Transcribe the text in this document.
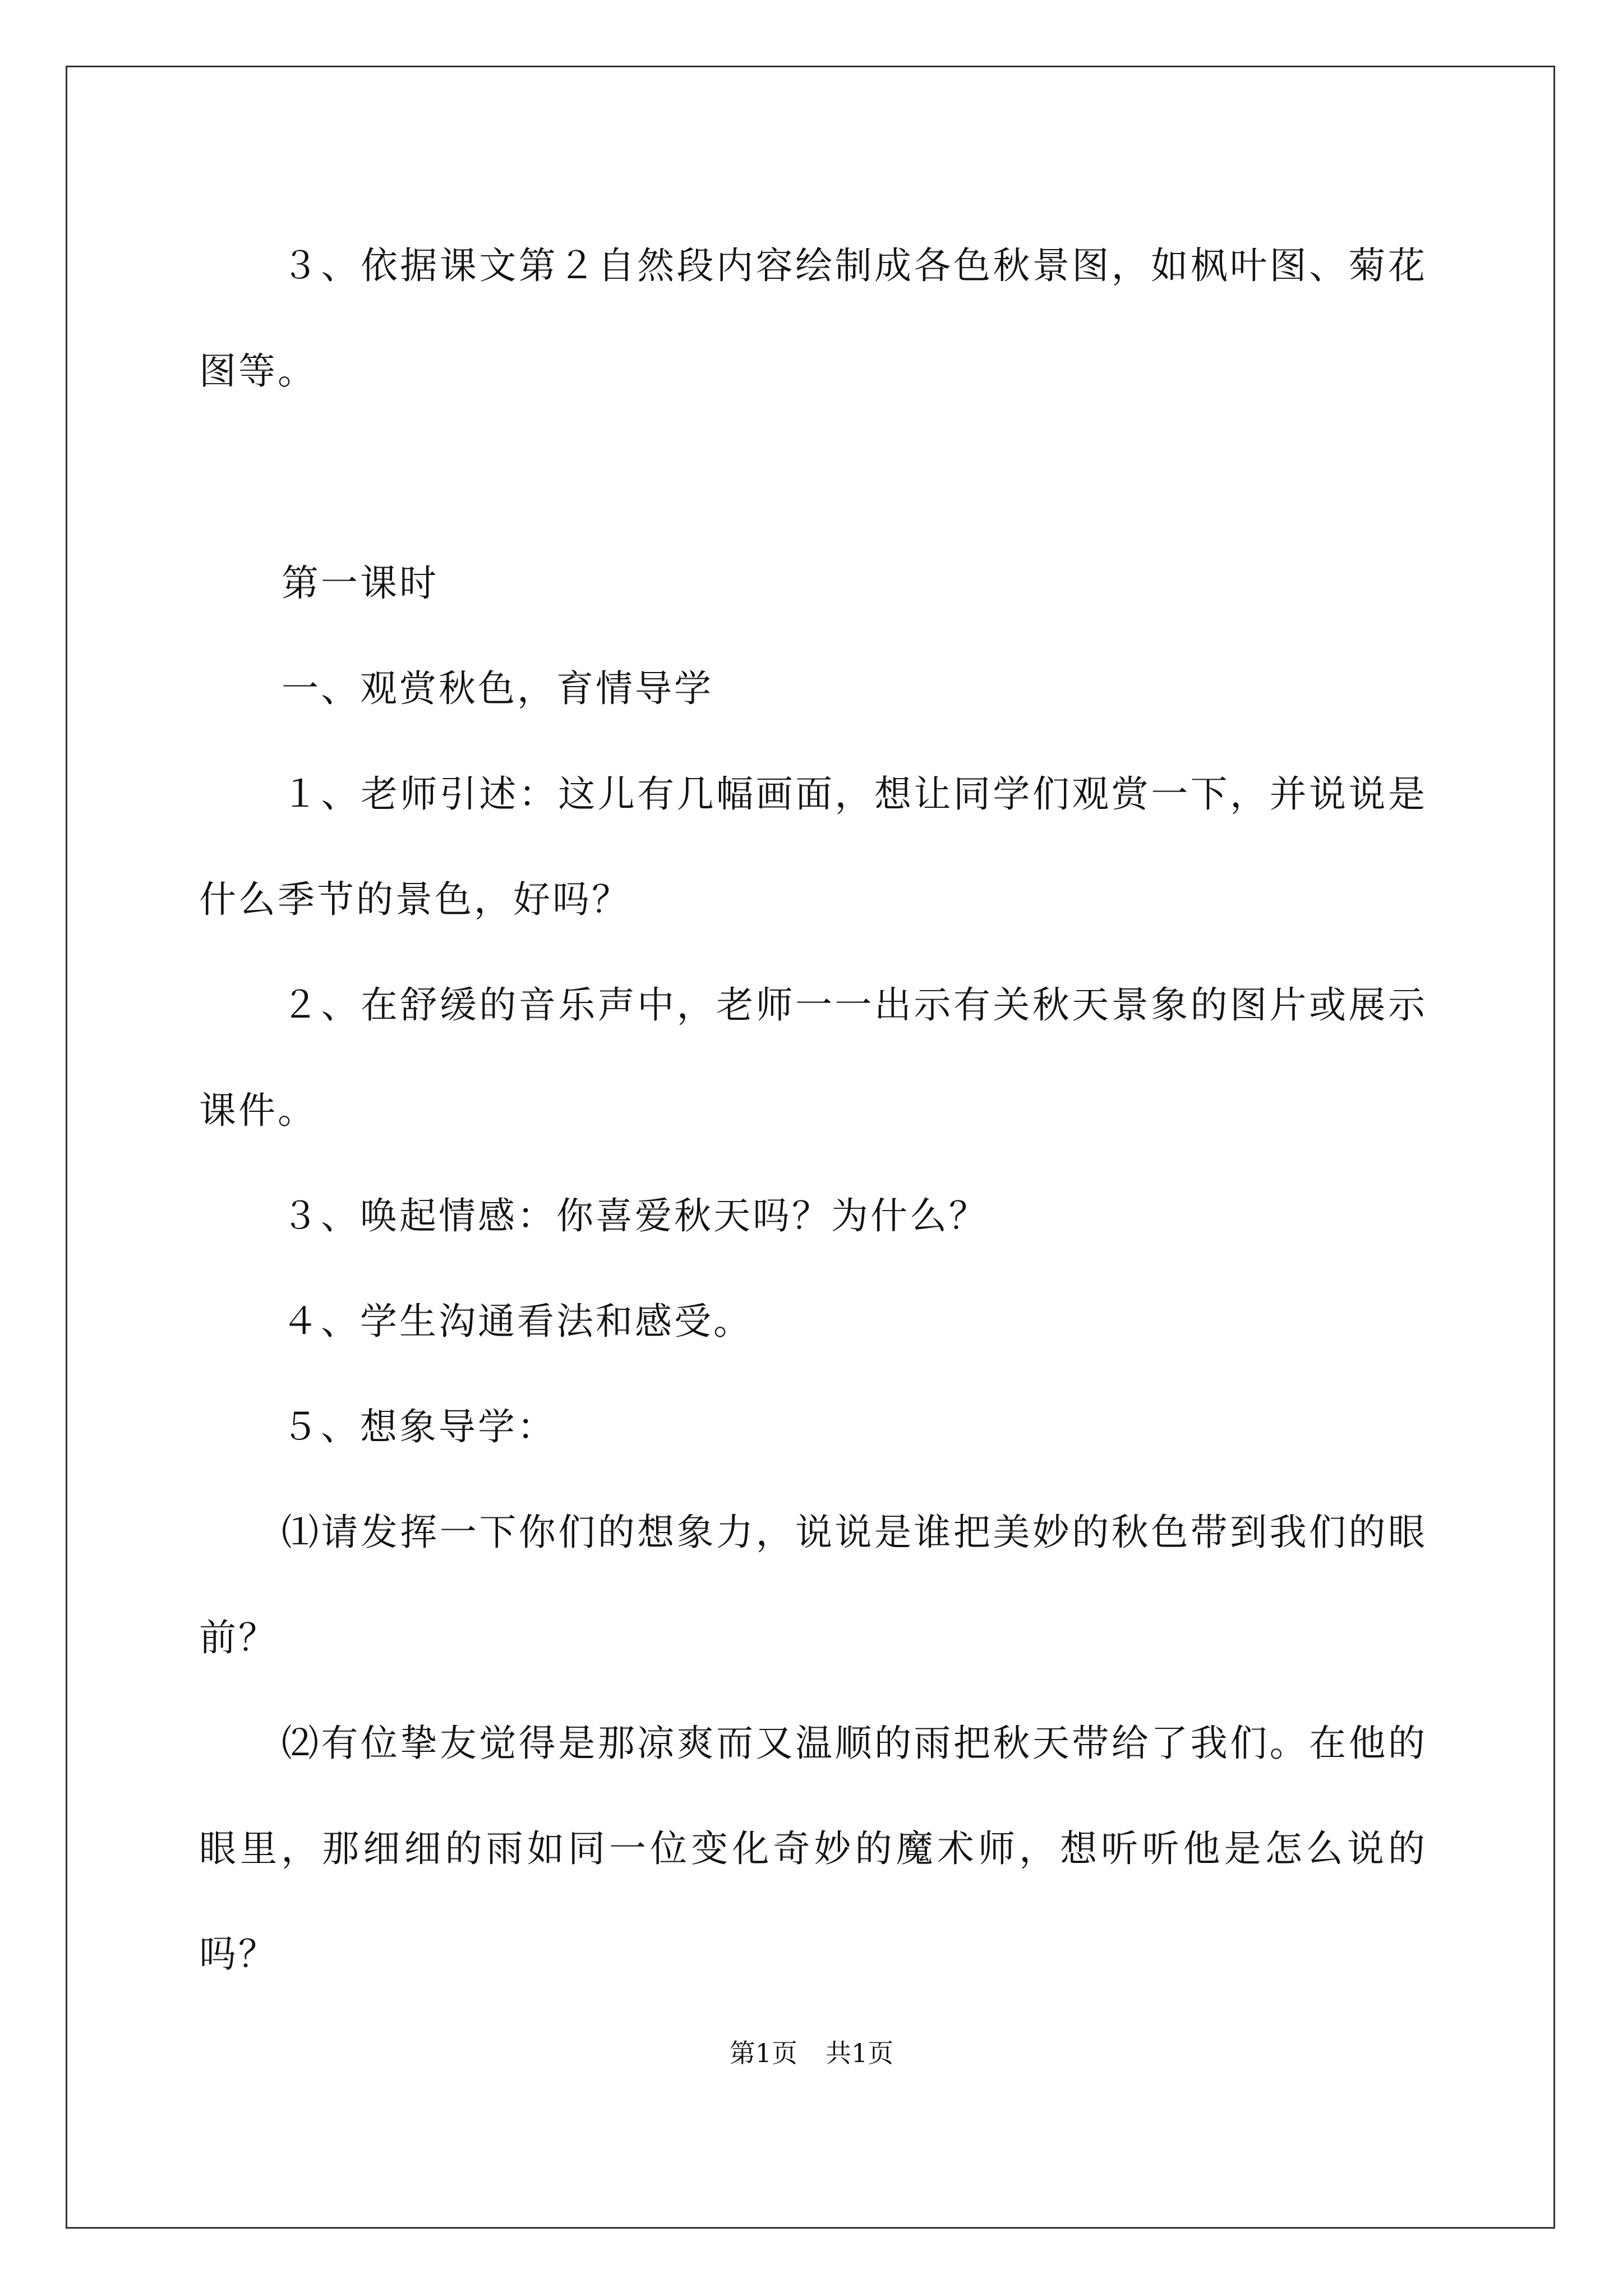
３、依据课文第２自然段内容绘制成各色秋景图，如枫叶图、菊花图等。

第一课时

一、观赏秋色，育情导学

１、老师引述：这儿有几幅画面，想让同学们观赏一下，并说说是什么季节的景色，好吗？

２、在舒缓的音乐声中，老师一一出示有关秋天景象的图片或展示课件。

３、唤起情感：你喜爱秋天吗？为什么？

４、学生沟通看法和感受。

５、想象导学：

⑴请发挥一下你们的想象力，说说是谁把美妙的秋色带到我们的眼前？

⑵有位挚友觉得是那凉爽而又温顺的雨把秋天带给了我们。在他的眼里，那细细的雨如同一位变化奇妙的魔术师，想听听他是怎么说的吗？

第1页 共1页
